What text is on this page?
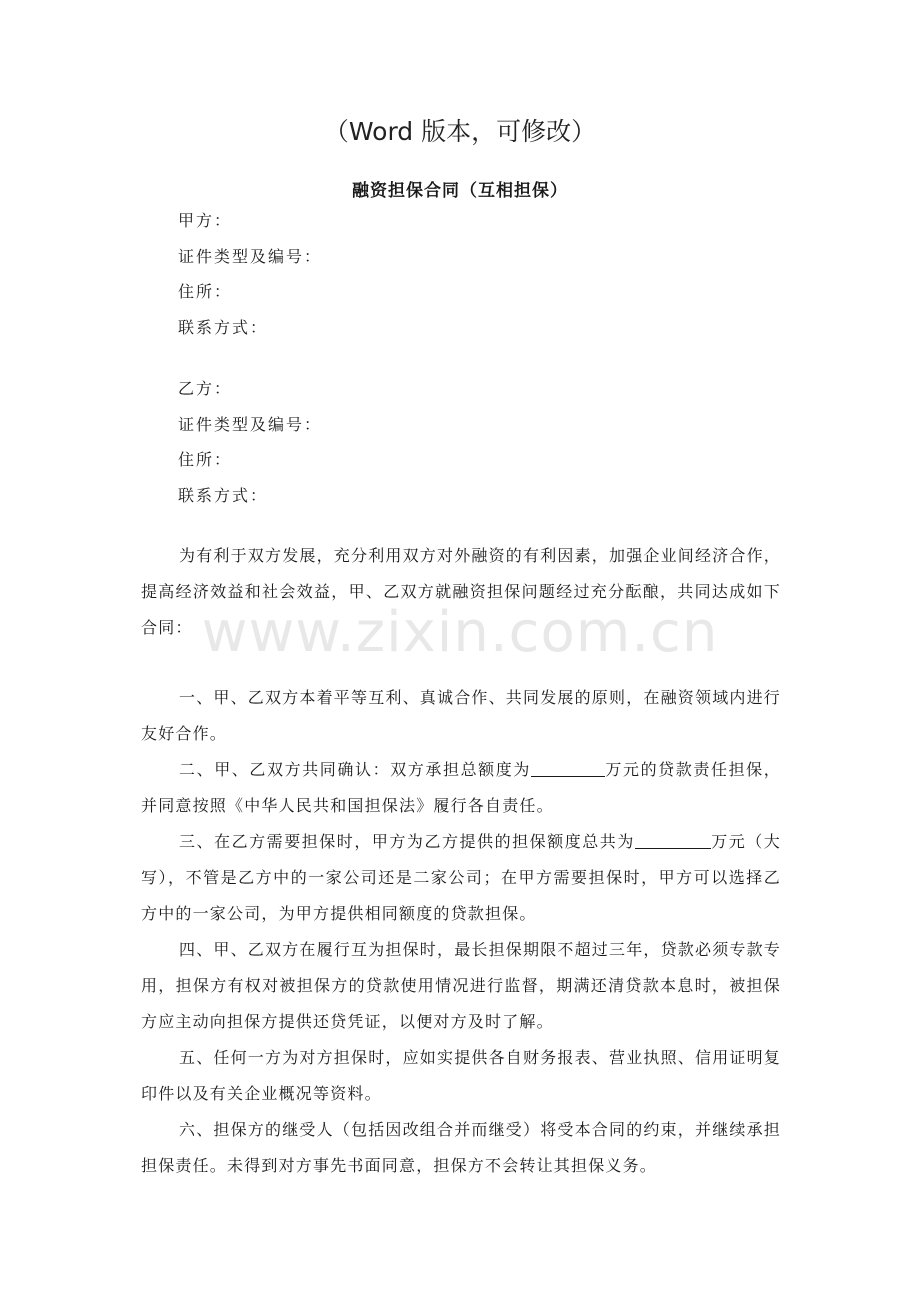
（Word 版本，可修改）
融资担保合同（互相担保）
甲方：
证件类型及编号：
住所：
联系方式：
乙方：
证件类型及编号：
住所：
联系方式：

为有利于双方发展，充分利用双方对外融资的有利因素，加强企业间经济合作，提高经济效益和社会效益，甲、乙双方就融资担保问题经过充分酝酿，共同达成如下合同：

一、甲、乙双方本着平等互利、真诚合作、共同发展的原则，在融资领域内进行友好合作。

二、甲、乙双方共同确认：双方承担总额度为	万元的贷款责任担保，并同意按照《中华人民共和国担保法》履行各自责任。

三、在乙方需要担保时，甲方为乙方提供的担保额度总共为	万元（大写），不管是乙方中的一家公司还是二家公司；在甲方需要担保时，甲方可以选择乙方中的一家公司，为甲方提供相同额度的贷款担保。

四、甲、乙双方在履行互为担保时，最长担保期限不超过三年，贷款必须专款专用，担保方有权对被担保方的贷款使用情况进行监督，期满还清贷款本息时，被担保方应主动向担保方提供还贷凭证，以便对方及时了解。

五、任何一方为对方担保时，应如实提供各自财务报表、营业执照、信用证明复印件以及有关企业概况等资料。

六、担保方的继受人（包括因改组合并而继受）将受本合同的约束，并继续承担担保责任。未得到对方事先书面同意，担保方不会转让其担保义务。

www.zixin.com.cn
